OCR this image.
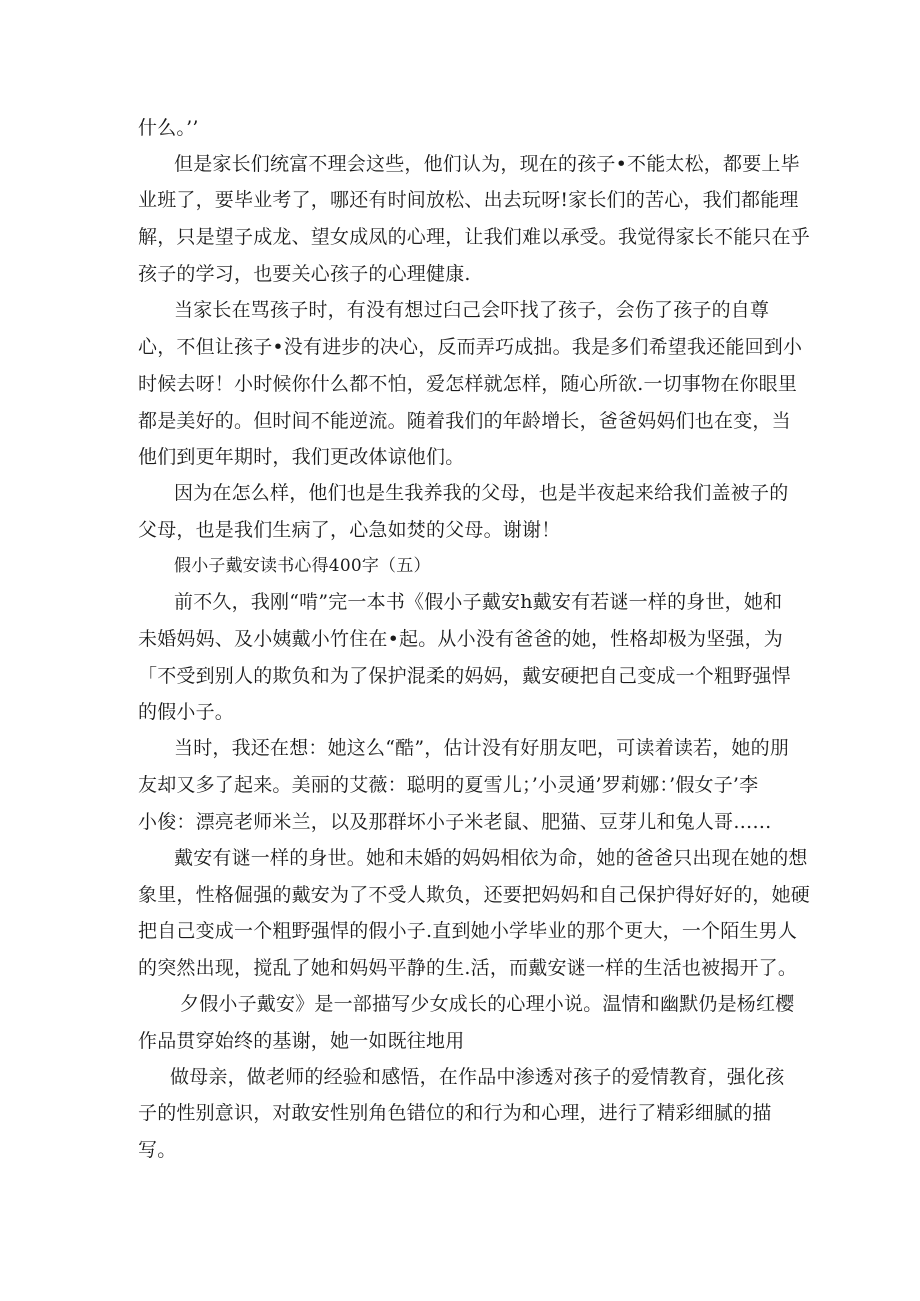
什么。’’
但是家长们统富不理会这些，他们认为，现在的孩子•不能太松，都要上毕
业班了，要毕业考了，哪还有时间放松、出去玩呀!家长们的苦心，我们都能理
解，只是望子成龙、望女成凤的心理，让我们难以承受。我觉得家长不能只在乎
孩子的学习，也要关心孩子的心理健康.
当家长在骂孩子时，有没有想过臼己会吓找了孩子，会伤了孩子的自尊
心，不但让孩子•没有进步的决心，反而弄巧成拙。我是多们希望我还能回到小
时候去呀！小时候你什么都不怕，爱怎样就怎样，随心所欲.一切事物在你眼里
都是美好的。但时间不能逆流。随着我们的年龄增长，爸爸妈妈们也在变，当
他们到更年期时，我们更改体谅他们。
因为在怎么样，他们也是生我养我的父母，也是半夜起来给我们盖被子的
父母，也是我们生病了，心急如焚的父母。谢谢！
假小子戴安读书心得400字（五）
前不久，我刚“啃”完一本书《假小子戴安h戴安有若谜一样的身世，她和
未婚妈妈、及小姨戴小竹住在•起。从小没有爸爸的她，性格却极为坚强，为
「不受到别人的欺负和为了保护混柔的妈妈，戴安硬把自己变成一个粗野强悍
的假小子。
当时，我还在想：她这么“酷”，估计没有好朋友吧，可读着读若，她的朋
友却又多了起来。美丽的艾薇：聪明的夏雪儿；’小灵通’罗莉娜：’假女子’李
小俊：漂亮老师米兰，以及那群坏小子米老鼠、肥猫、豆芽儿和兔人哥……
戴安有谜一样的身世。她和未婚的妈妈相依为命，她的爸爸只出现在她的想
象里，性格倔强的戴安为了不受人欺负，还要把妈妈和自己保护得好好的，她硬
把自己变成一个粗野强悍的假小子.直到她小学毕业的那个更大，一个陌生男人
的突然出现，搅乱了她和妈妈平静的生.活，而戴安谜一样的生活也被揭开了。
夕假小子戴安》是一部描写少女成长的心理小说。温情和幽默仍是杨红樱
作品贯穿始终的基谢，她一如既往地用
做母亲，做老师的经验和感悟，在作品中渗透对孩子的爱情教育，强化孩
子的性别意识，对敢安性别角色错位的和行为和心理，进行了精彩细腻的描
写。
